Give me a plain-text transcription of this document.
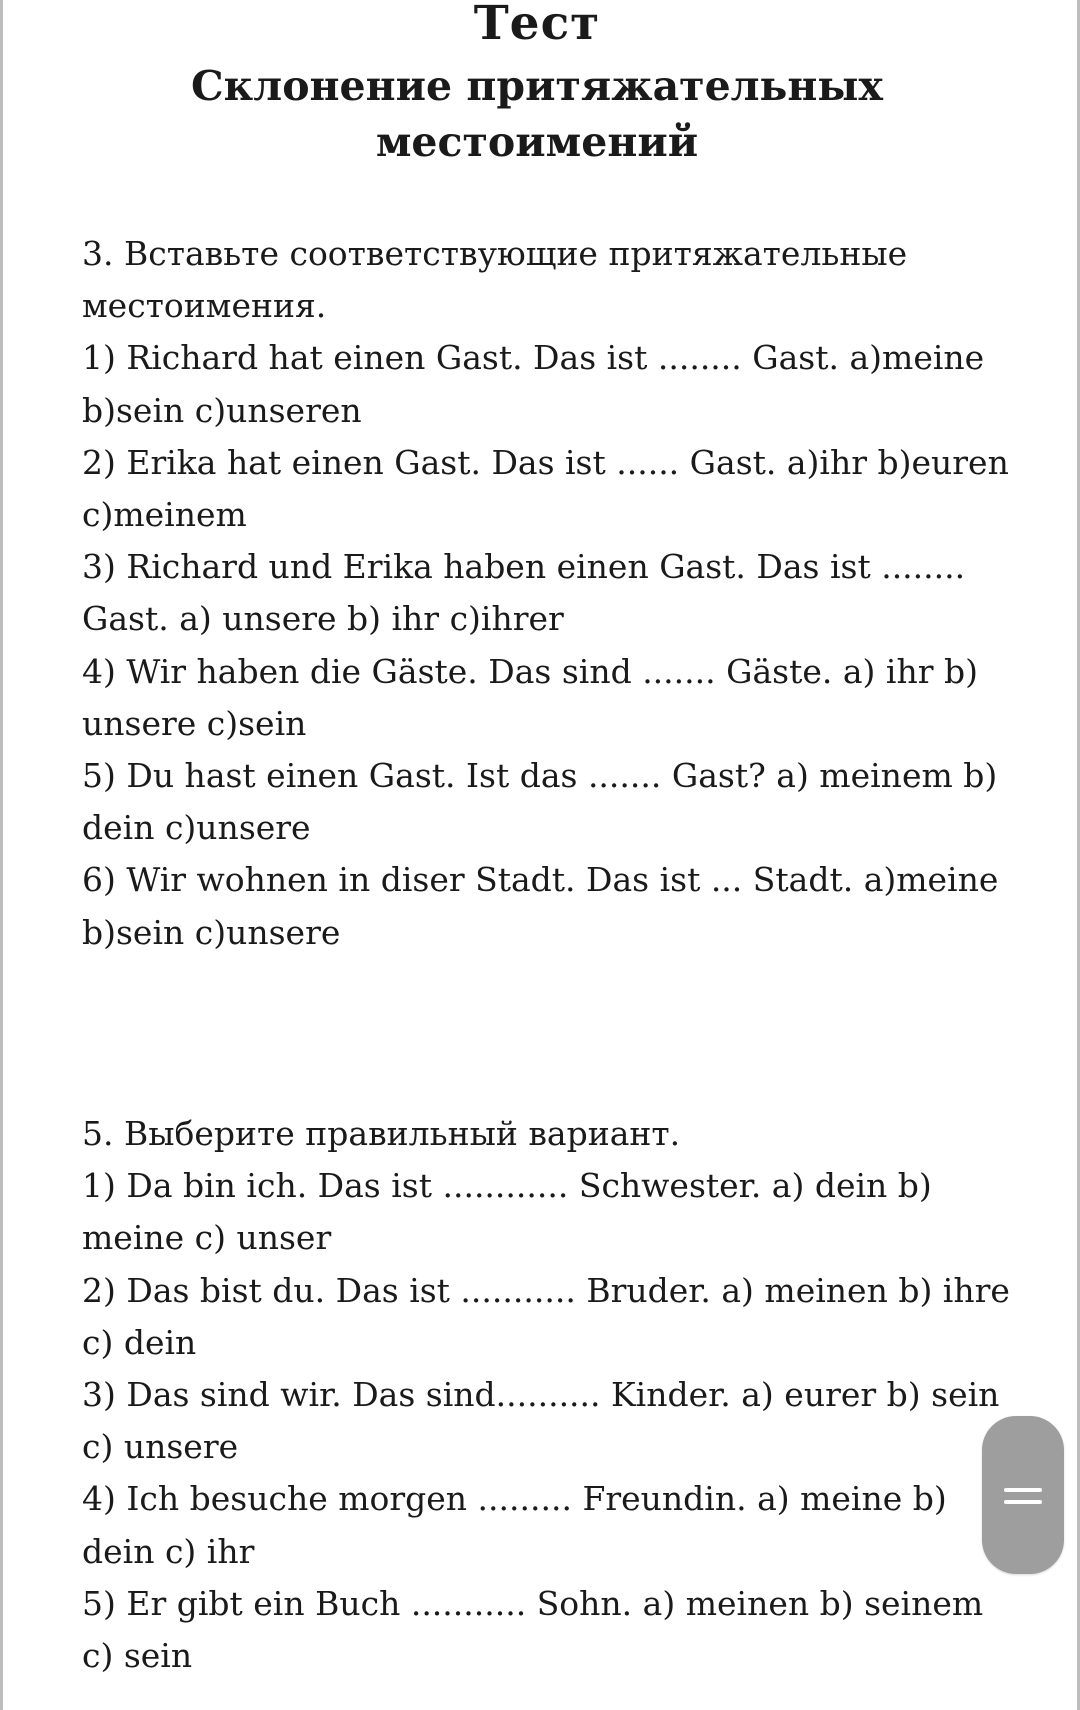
Тест
Склонение притяжательных
местоимений
3. Вставьте соответствующие притяжательные
местоимения.
1) Richard hat einen Gast. Das ist ........ Gast. a)meine
b)sein c)unseren
2) Erika hat einen Gast. Das ist ...... Gast. a)ihr b)euren
c)meinem
3) Richard und Erika haben einen Gast. Das ist ........
Gast. a) unsere b) ihr c)ihrer
4) Wir haben die Gäste. Das sind ....... Gäste. a) ihr b)
unsere c)sein
5) Du hast einen Gast. Ist das ....... Gast? a) meinem b)
dein c)unsere
6) Wir wohnen in diser Stadt. Das ist ... Stadt. a)meine
b)sein c)unsere
5. Выберите правильный вариант.
1) Da bin ich. Das ist ............ Schwester. a) dein b)
meine c) unser
2) Das bist du. Das ist ........... Bruder. a) meinen b) ihre
c) dein
3) Das sind wir. Das sind.......... Kinder. a) eurer b) sein
c) unsere
4) Ich besuche morgen ......... Freundin. a) meine b)
dein c) ihr
5) Er gibt ein Buch ........... Sohn. a) meinen b) seinem
c) sein
